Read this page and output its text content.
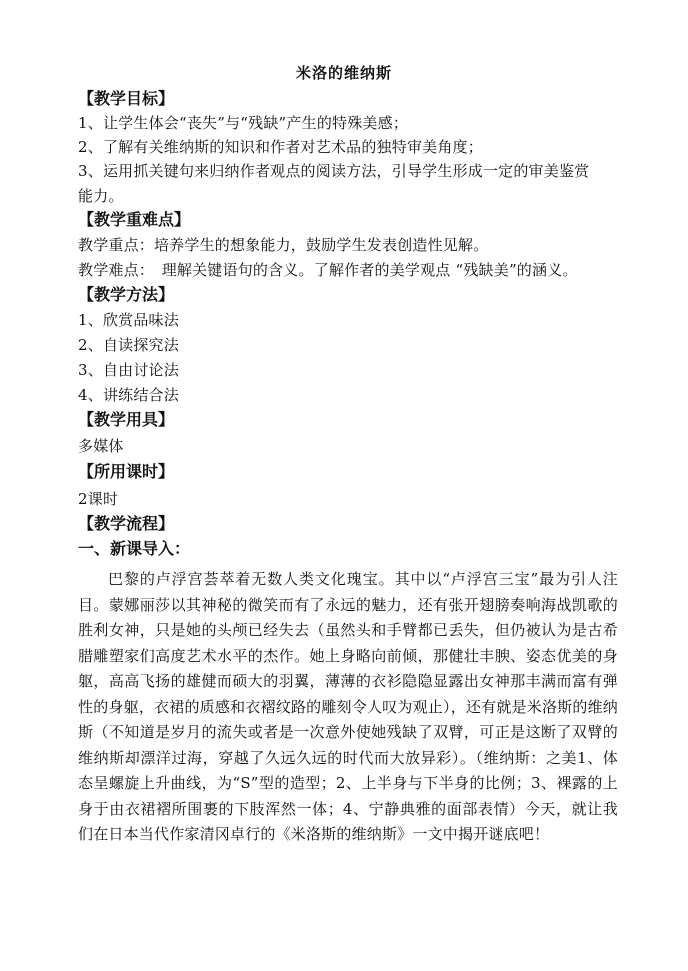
米洛的维纳斯
【教学目标】
1、让学生体会“丧失”与“残缺”产生的特殊美感；
2、了解有关维纳斯的知识和作者对艺术品的独特审美角度；
3、运用抓关键句来归纳作者观点的阅读方法，引导学生形成一定的审美鉴赏
能力。
【教学重难点】
教学重点：培养学生的想象能力，鼓励学生发表创造性见解。
教学难点：　理解关键语句的含义。了解作者的美学观点 “残缺美”的涵义。
【教学方法】
1、欣赏品味法
2、自读探究法
3、自由讨论法
4、讲练结合法
【教学用具】
多媒体
【所用课时】
2课时
【教学流程】
一、新课导入：
巴黎的卢浮宫荟萃着无数人类文化瑰宝。其中以“卢浮宫三宝”最为引人注目。蒙娜丽莎以其神秘的微笑而有了永远的魅力，还有张开翅膀奏响海战凯歌的胜利女神，只是她的头颅已经失去（虽然头和手臂都已丢失，但仍被认为是古希腊雕塑家们高度艺术水平的杰作。她上身略向前倾，那健壮丰腴、姿态优美的身躯，高高飞扬的雄健而硕大的羽翼，薄薄的衣衫隐隐显露出女神那丰满而富有弹性的身躯，衣裙的质感和衣褶纹路的雕刻令人叹为观止），还有就是米洛斯的维纳斯（不知道是岁月的流失或者是一次意外使她残缺了双臂，可正是这断了双臂的维纳斯却漂洋过海，穿越了久远久远的时代而大放异彩）。（维纳斯：之美1、体态呈螺旋上升曲线，为“S”型的造型；2、上半身与下半身的比例；3、裸露的上身于由衣裙褶所围裹的下肢浑然一体；4、宁静典雅的面部表情）今天，就让我们在日本当代作家清冈卓行的《米洛斯的维纳斯》一文中揭开谜底吧！
